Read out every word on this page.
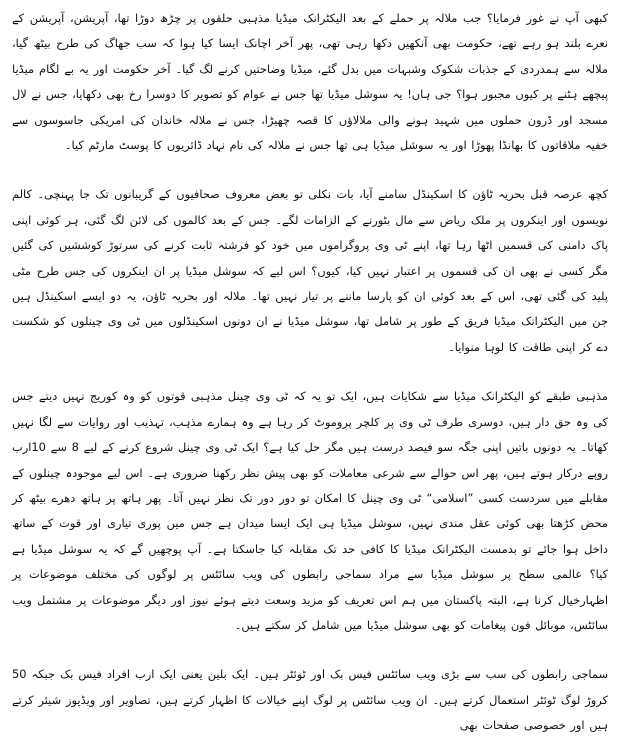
کبھی آپ نے غور فرمایا؟ جب ملالہ پر حملے کے بعد الیکٹرانک میڈیا مذہبی حلقوں پر چڑھ دوڑا تھا، آپریشن، آپریشن کے نعرے بلند ہو رہے تھے، حکومت بھی آنکھیں دکھا رہی تھی، پھر آخر اچانک ایسا کیا ہوا کہ سب جھاگ کی طرح بیٹھ گیا، ملالہ سے ہمدردی کے جذبات شکوک وشبہات میں بدل گئے، میڈیا وضاحتیں کرنے لگ گیا۔ آخر حکومت اور یہ بے لگام میڈیا پیچھے ہٹنے پر کیوں مجبور ہوا؟ جی ہاں! یہ سوشل میڈیا تھا جس نے عوام کو تصویر کا دوسرا رخ بھی دکھایا، جس نے لال مسجد اور ڈرون حملوں میں شہید ہونے والی ملالاؤں کا قصہ چھیڑا، جس نے ملالہ خاندان کی امریکی جاسوسوں سے خفیہ ملاقاتوں کا بھانڈا پھوڑا اور یہ سوشل میڈیا ہی تھا جس نے ملالہ کی نام نہاد ڈائریوں کا پوسٹ مارٹم کیا۔

کچھ عرصہ قبل بحریہ ٹاؤن کا اسکینڈل سامنے آیا، بات نکلی تو بعض معروف صحافیوں کے گریبانوں تک جا پہنچی۔ کالم نویسوں اور اینکروں پر ملک ریاض سے مال بٹورنے کے الزامات لگے۔ جس کے بعد کالموں کی لائن لگ گئی، ہر کوئی اپنی پاک دامنی کی قسمیں اٹھا رہا تھا، اپنے ٹی وی پروگراموں میں خود کو فرشتہ ثابت کرنے کی سرتوڑ کوششیں کی گئیں مگر کسی نے بھی ان کی قسموں پر اعتبار نہیں کیا، کیوں؟ اس لیے کہ سوشل میڈیا پر ان اینکروں کی جس طرح مٹی پلید کی گئی تھی، اس کے بعد کوئی ان کو پارسا ماننے پر تیار نہیں تھا۔ ملالہ اور بحریہ ٹاؤن، یہ دو ایسے اسکینڈل ہیں جن میں الیکٹرانک میڈیا فریق کے طور پر شامل تھا، سوشل میڈیا نے ان دونوں اسکینڈلوں میں ٹی وی چینلوں کو شکست دے کر اپنی طاقت کا لوہا منوایا۔

مذہبی طبقے کو الیکٹرانک میڈیا سے شکایات ہیں، ایک تو یہ کہ ٹی وی چینل مذہبی قوتوں کو وہ کوریج نہیں دیتے جس کی وہ حق دار ہیں، دوسری طرف ٹی وی پر کلچر پروموٹ کر رہا ہے وہ ہمارے مذہب، تہذیب اور روایات سے لگا نہیں کھاتا۔ یہ دونوں باتیں اپنی جگہ سو فیصد درست ہیں مگر حل کیا ہے؟ ایک ٹی وی چینل شروع کرنے کے لیے 8 سے 10ارب روپے درکار ہوتے ہیں، پھر اس حوالے سے شرعی معاملات کو بھی پیش نظر رکھنا ضروری ہے۔ اس لیے موجودہ چینلوں کے مقابلے میں سردست کسی ”اسلامی“ ٹی وی چینل کا امکان تو دور دور تک نظر نہیں آتا۔ پھر ہاتھ پر ہاتھ دھرے بیٹھ کر محض کڑھتا بھی کوئی عقل مندی نہیں، سوشل میڈیا ہی ایک ایسا میدان ہے جس میں پوری تیاری اور قوت کے ساتھ داخل ہوا جائے تو بدمست الیکٹرانک میڈیا کا کافی حد تک مقابلہ کیا جاسکتا ہے۔ آپ پوچھیں گے کہ یہ سوشل میڈیا ہے کیا؟ عالمی سطح پر سوشل میڈیا سے مراد سماجی رابطوں کی ویب سائٹس پر لوگوں کی مختلف موضوعات پر اظہارخیال کرنا ہے، البتہ پاکستان میں ہم اس تعریف کو مزید وسعت دیتے ہوئے نیوز اور دیگر موضوعات پر مشتمل ویب سائٹس، موبائل فون پیغامات کو بھی سوشل میڈیا میں شامل کر سکتے ہیں۔

سماجی رابطوں کی سب سے بڑی ویب سائٹس فیس بک اور ٹوئٹر ہیں۔ ایک بلین یعنی ایک ارب افراد فیس بک جبکہ 50 کروڑ لوگ ٹوئٹر استعمال کرتے ہیں۔ ان ویب سائٹس پر لوگ اپنے خیالات کا اظہار کرتے ہیں، تصاویر اور ویڈیوز شیئر کرتے ہیں اور خصوصی صفحات بھی
